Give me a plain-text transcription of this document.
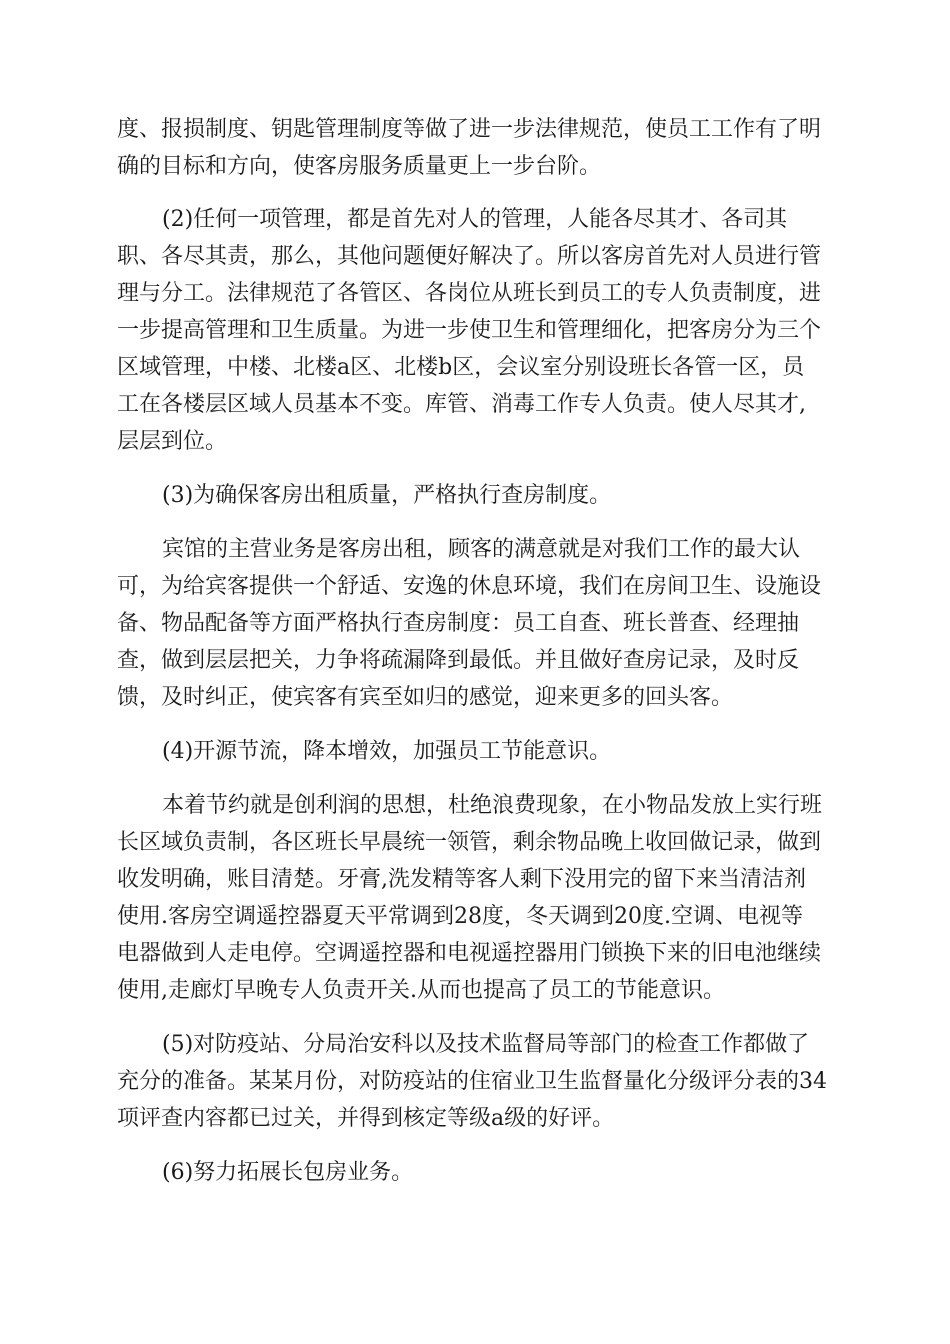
度、报损制度、钥匙管理制度等做了进一步法律规范，使员工工作有了明

确的目标和方向，使客房服务质量更上一步台阶。

(2)任何一项管理，都是首先对人的管理，人能各尽其才、各司其

职、各尽其责，那么，其他问题便好解决了。所以客房首先对人员进行管

理与分工。法律规范了各管区、各岗位从班长到员工的专人负责制度，进

一步提高管理和卫生质量。为进一步使卫生和管理细化，把客房分为三个

区域管理，中楼、北楼a区、北楼b区，会议室分别设班长各管一区，员

工在各楼层区域人员基本不变。库管、消毒工作专人负责。使人尽其才,

层层到位。

(3)为确保客房出租质量，严格执行查房制度。

宾馆的主营业务是客房出租，顾客的满意就是对我们工作的最大认

可，为给宾客提供一个舒适、安逸的休息环境，我们在房间卫生、设施设

备、物品配备等方面严格执行查房制度：员工自查、班长普查、经理抽

查，做到层层把关，力争将疏漏降到最低。并且做好查房记录，及时反

馈，及时纠正，使宾客有宾至如归的感觉，迎来更多的回头客。

(4)开源节流，降本增效，加强员工节能意识。

本着节约就是创利润的思想，杜绝浪费现象，在小物品发放上实行班

长区域负责制，各区班长早晨统一领管，剩余物品晚上收回做记录，做到

收发明确，账目清楚。牙膏,洗发精等客人剩下没用完的留下来当清洁剂

使用.客房空调遥控器夏天平常调到28度，冬天调到20度.空调、电视等

电器做到人走电停。空调遥控器和电视遥控器用门锁换下来的旧电池继续

使用,走廊灯早晚专人负责开关.从而也提高了员工的节能意识。

(5)对防疫站、分局治安科以及技术监督局等部门的检查工作都做了

充分的准备。某某月份，对防疫站的住宿业卫生监督量化分级评分表的34

项评查内容都已过关，并得到核定等级a级的好评。

(6)努力拓展长包房业务。
